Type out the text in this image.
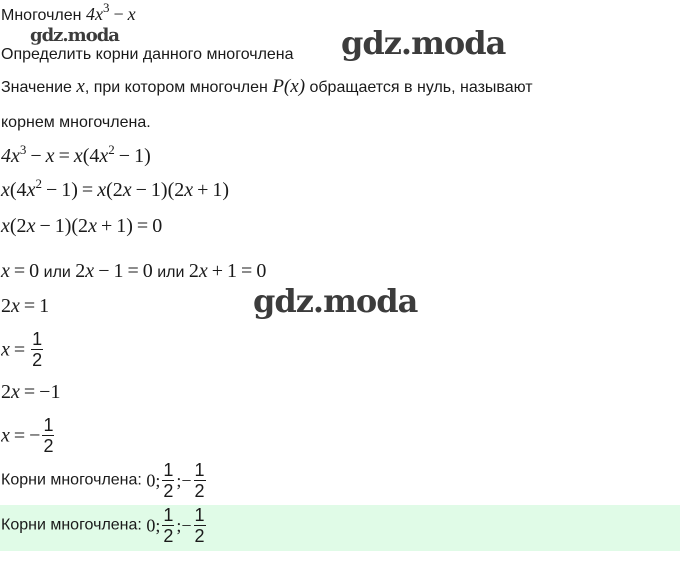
gdz.moda	gdz.moda
gdz.moda
Многочлен $4x^3 - x$
Определить корни данного многочлена
Значение x, при котором многочлен P(x) обращается в нуль, называют
корнем многочлена.
$4x^3 - x = x(4x^2 - 1)$
$x(4x^2 - 1) = x(2x - 1)(2x + 1)$
x(2x − 1)(2x + 1) = 0
x = 0 или 2x − 1 = 0 или 2x + 1 = 0
2x = 1
$x = \frac{1}{2}$
2x = −1
x = − $\frac{1}{2}$
Корни многочлена: 0; $\frac{1}{2}$ ;− $\frac{1}{2}$
Корни многочлена: 0; $\frac{1}{2}$ ;− $\frac{1}{2}$
